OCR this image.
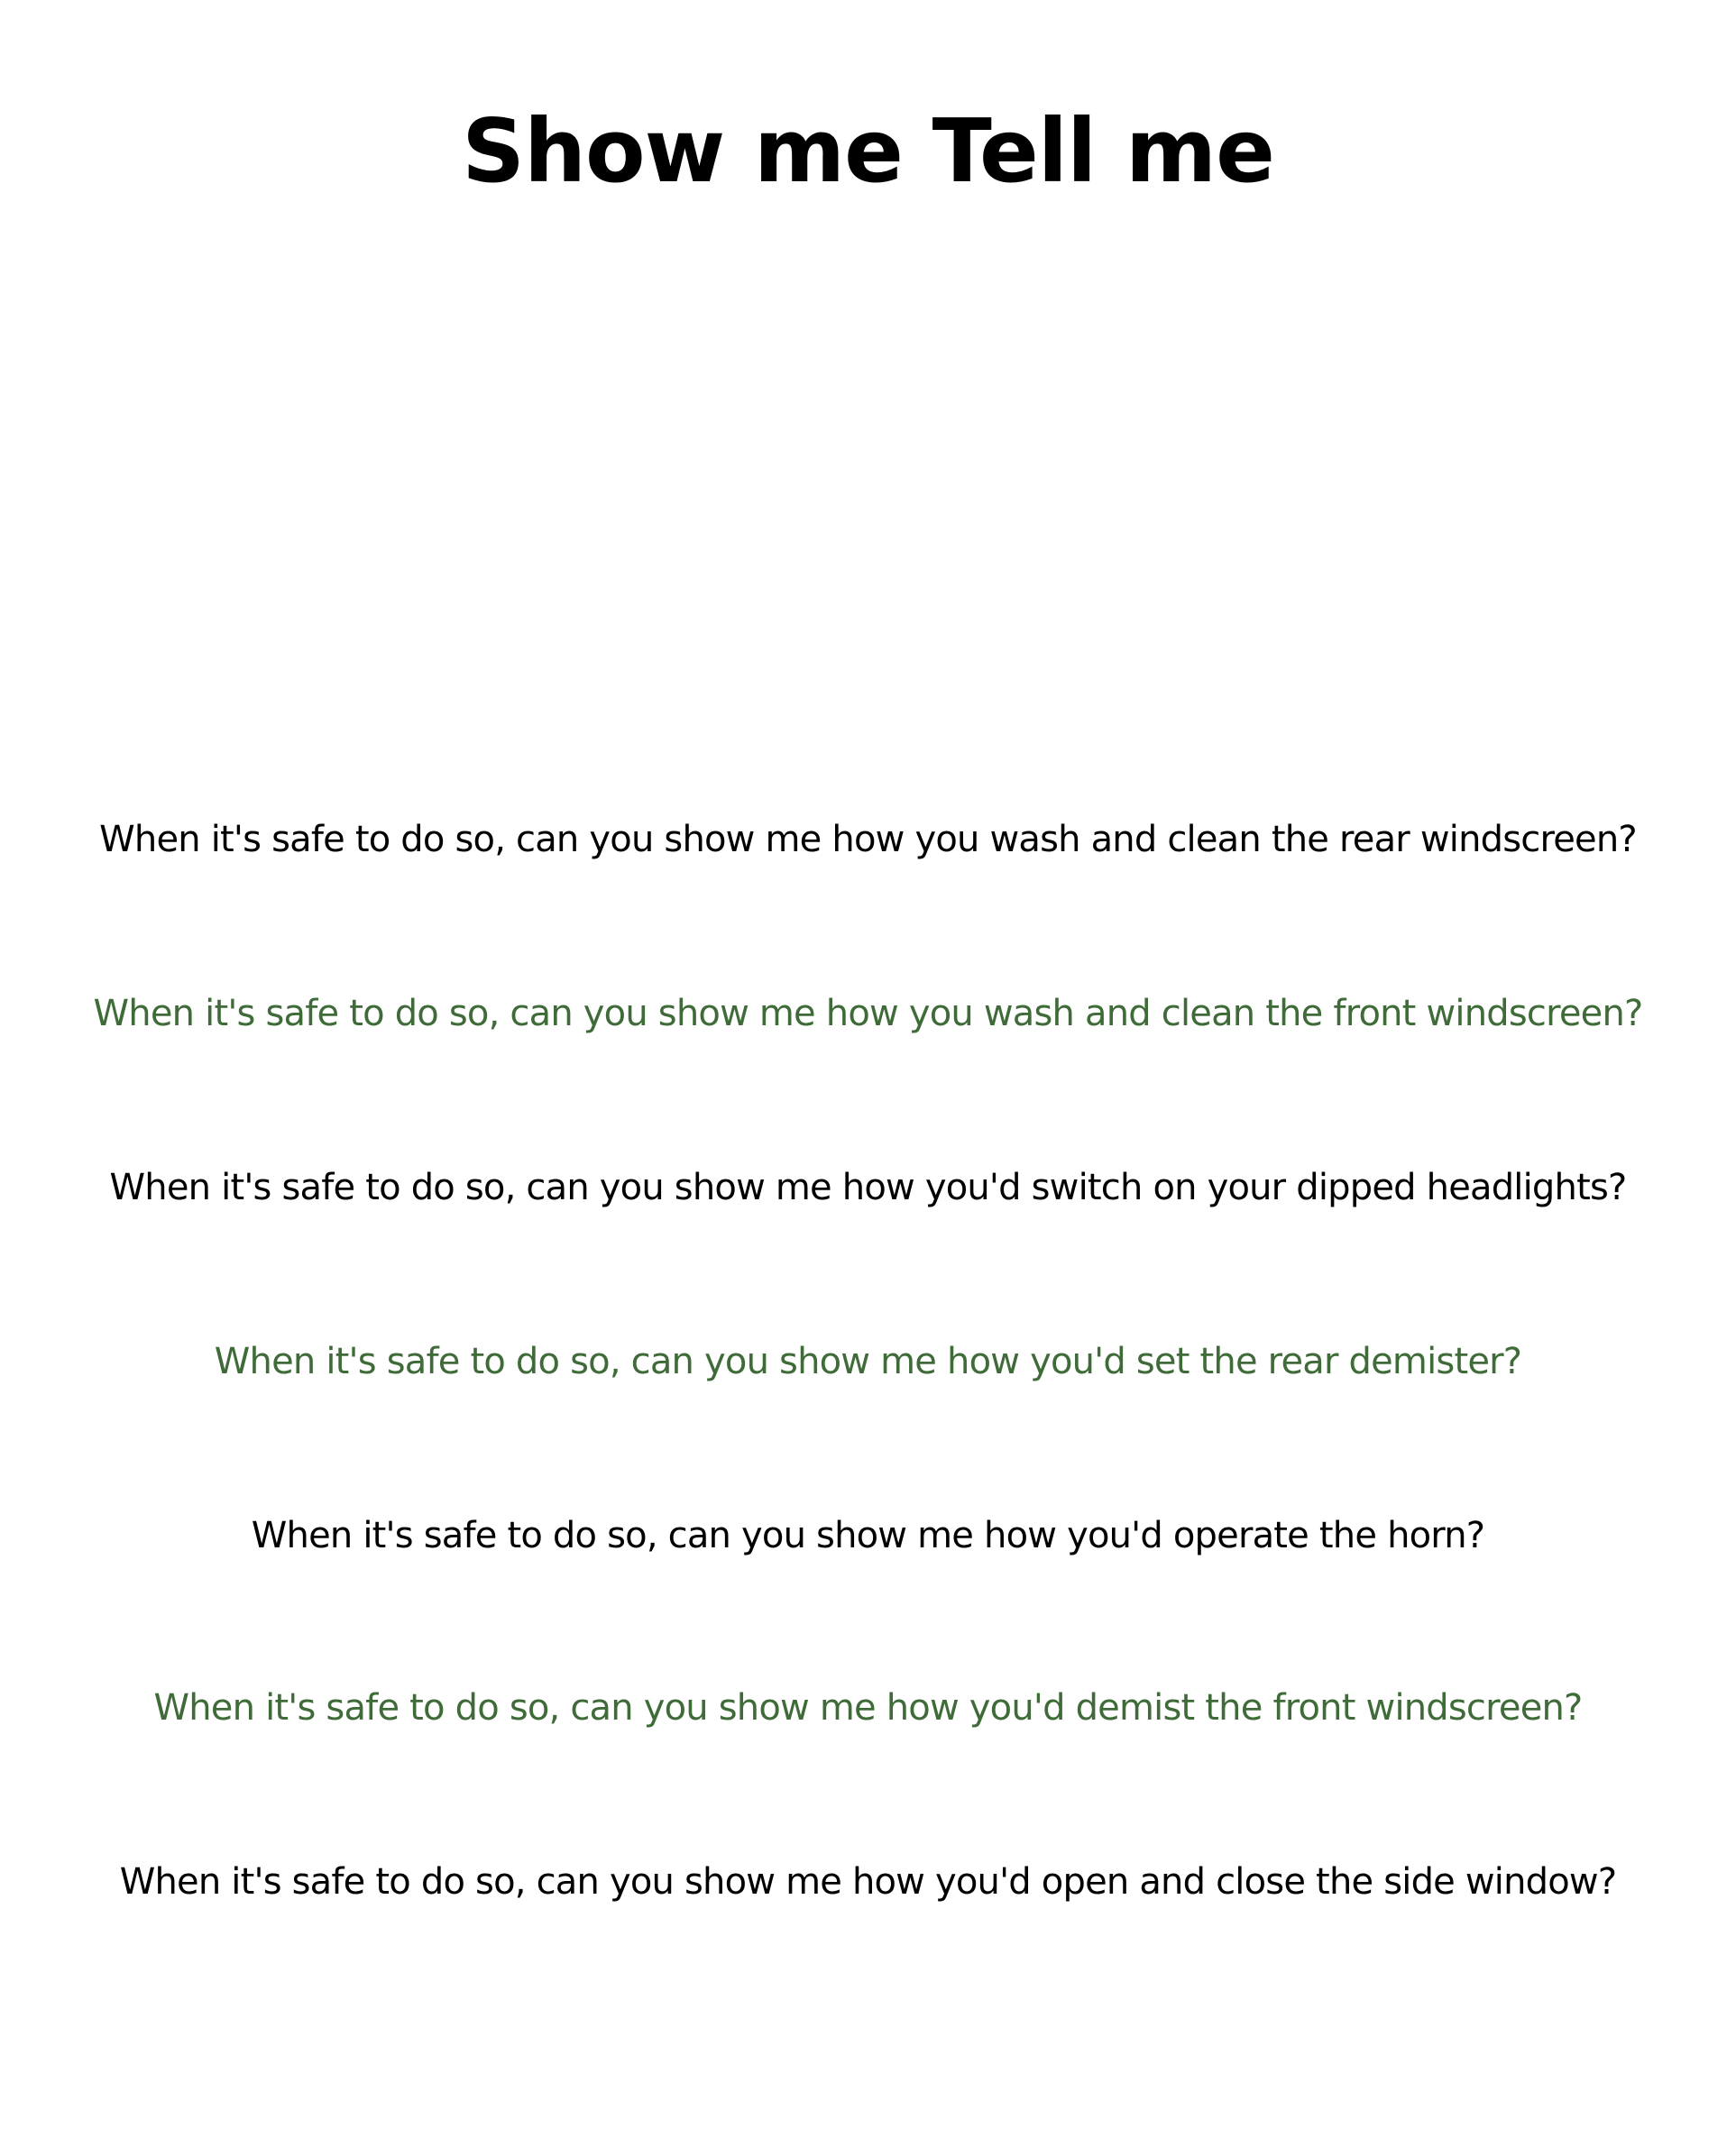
Show me Tell me

When it's safe to do so, can you show me how you wash and clean the rear windscreen?

When it's safe to do so, can you show me how you wash and clean the front windscreen?

When it's safe to do so, can you show me how you'd switch on your dipped headlights?

When it's safe to do so, can you show me how you'd set the rear demister?

When it's safe to do so, can you show me how you'd operate the horn?

When it's safe to do so, can you show me how you'd demist the front windscreen?

When it's safe to do so, can you show me how you'd open and close the side window?
